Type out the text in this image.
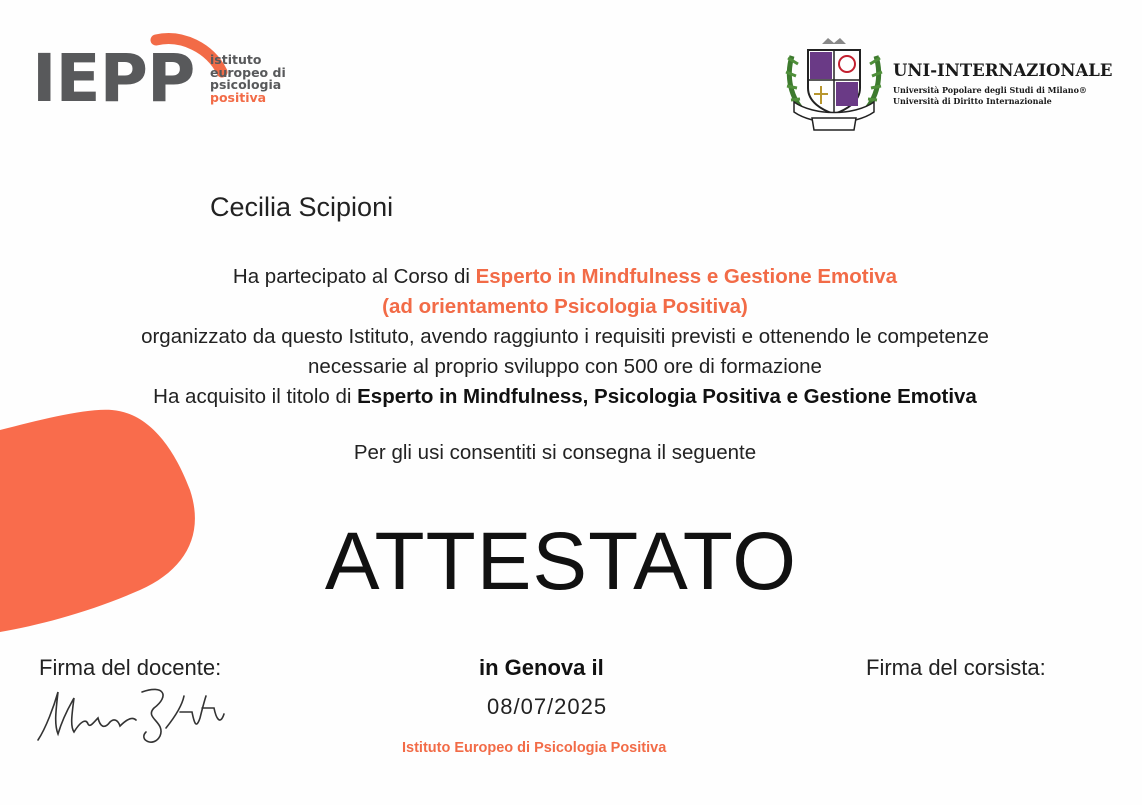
IEPP istituto
europeo di
psicologia
positiva
UNI-INTERNAZIONALE
Università Popolare degli Studi di Milano®
Università di Diritto Internazionale
Cecilia Scipioni
Ha partecipato al Corso di Esperto in Mindfulness e Gestione Emotiva
(ad orientamento Psicologia Positiva)
organizzato da questo Istituto, avendo raggiunto i requisiti previsti e ottenendo le competenze
necessarie al proprio sviluppo con 500 ore di formazione
Ha acquisito il titolo di Esperto in Mindfulness, Psicologia Positiva e Gestione Emotiva
Per gli usi consentiti si consegna il seguente
ATTESTATO
Firma del docente:	in Genova il
08/07/2025
Firma del corsista:
Istituto Europeo di Psicologia Positiva
